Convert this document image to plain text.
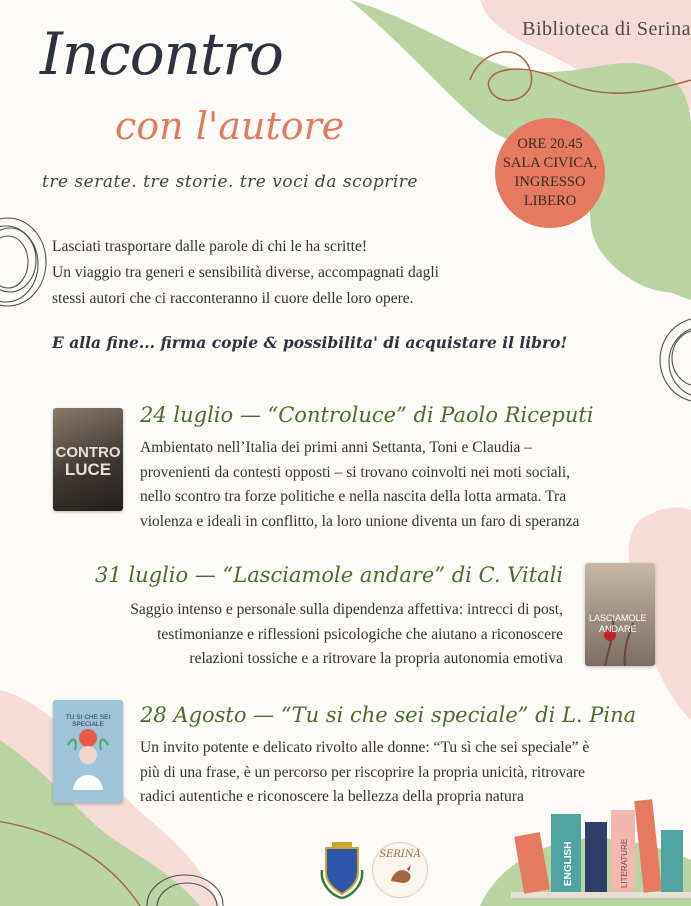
Biblioteca di Serina
Incontro
con l'autore
tre serate. tre storie. tre voci da scoprire
ORE 20.45
SALA CIVICA,
INGRESSO
LIBERO
Lasciati trasportare dalle parole di chi le ha scritte!
Un viaggio tra generi e sensibilità diverse, accompagnati dagli
stessi autori che ci racconteranno il cuore delle loro opere.
E alla fine... firma copie & possibilita' di acquistare il libro!
CONTRO
LUCE
24 luglio — “Controluce” di Paolo Riceputi
Ambientato nell’Italia dei primi anni Settanta, Toni e Claudia –
provenienti da contesti opposti – si trovano coinvolti nei moti sociali,
nello scontro tra forze politiche e nella nascita della lotta armata. Tra
violenza e ideali in conflitto, la loro unione diventa un faro di speranza
31 luglio — “Lasciamole andare” di C. Vitali
Saggio intenso e personale sulla dipendenza affettiva: intrecci di post,
testimonianze e riflessioni psicologiche che aiutano a riconoscere
relazioni tossiche e a ritrovare la propria autonomia emotiva
LASCIAMOLE
ANDARE
TU SI CHE SEI SPECIALE	28 Agosto — “Tu si che sei speciale” di L. Pina
Un invito potente e delicato rivolto alle donne: “Tu sì che sei speciale” è
più di una frase, è un percorso per riscoprire la propria unicità, ritrovare
radici autentiche e riconoscere la bellezza della propria natura
SERINA	ENGLISH	LITERATURE
